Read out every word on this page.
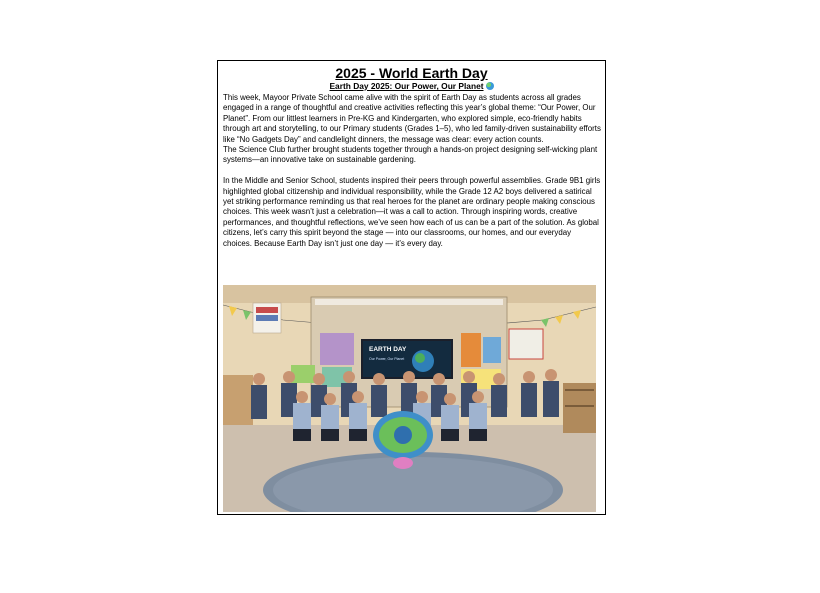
2025 - World Earth Day
Earth Day 2025: Our Power, Our Planet

This week, Mayoor Private School came alive with the spirit of Earth Day as students across all grades engaged in a range of thoughtful and creative activities reflecting this year’s global theme: “Our Power, Our Planet”. From our littlest learners in Pre-KG and Kindergarten, who explored simple, eco-friendly habits through art and storytelling, to our Primary students (Grades 1–5), who led family-driven sustainability efforts like “No Gadgets Day” and candlelight dinners, the message was clear: every action counts.

The Science Club further brought students together through a hands-on project designing self-wicking plant systems—an innovative take on sustainable gardening.

In the Middle and Senior School, students inspired their peers through powerful assemblies. Grade 9B1 girls highlighted global citizenship and individual responsibility, while the Grade 12 A2 boys delivered a satirical yet striking performance reminding us that real heroes for the planet are ordinary people making conscious choices. This week wasn’t just a celebration—it was a call to action. Through inspiring words, creative performances, and thoughtful reflections, we’ve seen how each of us can be a part of the solution. As global citizens, let’s carry this spirit beyond the stage — into our classrooms, our homes, and our everyday choices. Because Earth Day isn’t just one day — it’s every day.

EARTH DAY
Our Power, Our Planet
